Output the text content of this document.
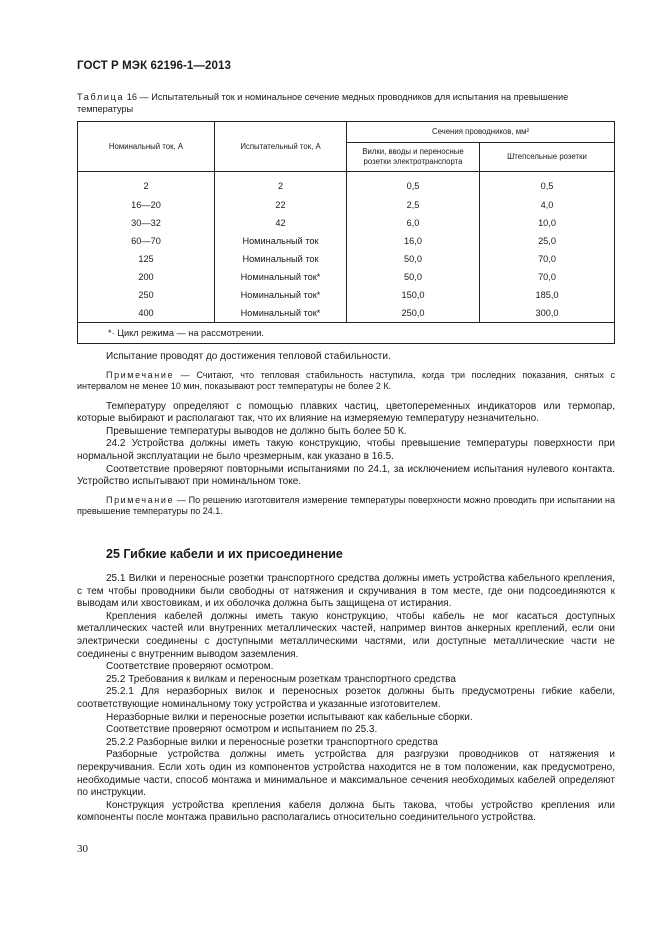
ГОСТ Р МЭК 62196-1—2013
Таблица 16 — Испытательный ток и номинальное сечение медных проводников для испытания на превышение температуры
Номинальный ток, А	Испытательный ток, А	Сечения проводников, мм²	
		Вилки, вводы и переносные розетки электротранспорта	Штепсельные розетки
2	2	0,5	0,5
16—20	22	2,5	4,0
30—32	42	6,0	10,0
60—70	Номинальный ток	16,0	25,0
125	Номинальный ток	50,0	70,0
200	Номинальный ток*	50,0	70,0
250	Номинальный ток*	150,0	185,0
400	Номинальный ток*	250,0	300,0
*· Цикл режима — на рассмотрении.			

Испытание проводят до достижения тепловой стабильности.

Примечание — Считают, что тепловая стабильность наступила, когда три последних показания, снятых с интервалом не менее 10 мин, показывают рост температуры не более 2 К.

Температуру определяют с помощью плавких частиц, цветопеременных индикаторов или термопар, которые выбирают и располагают так, что их влияние на измеряемую температуру незначительно.

Превышение температуры выводов не должно быть более 50 К.

24.2 Устройства должны иметь такую конструкцию, чтобы превышение температуры поверхности при нормальной эксплуатации не было чрезмерным, как указано в 16.5.

Соответствие проверяют повторными испытаниями по 24.1, за исключением испытания нулевого контакта. Устройство испытывают при номинальном токе.

Примечание — По решению изготовителя измерение температуры поверхности можно проводить при испытании на превышение температуры по 24.1.

25 Гибкие кабели и их присоединение

25.1 Вилки и переносные розетки транспортного средства должны иметь устройства кабельного крепления, с тем чтобы проводники были свободны от натяжения и скручивания в том месте, где они подсоединяются к выводам или хвостовикам, и их оболочка должна быть защищена от истирания.

Крепления кабелей должны иметь такую конструкцию, чтобы кабель не мог касаться доступных металлических частей или внутренних металлических частей, например винтов анкерных креплений, если они электрически соединены с доступными металлическими частями, или доступные металлические части не соединены с внутренним выводом заземления.

Соответствие проверяют осмотром.

25.2 Требования к вилкам и переносным розеткам транспортного средства

25.2.1 Для неразборных вилок и переносных розеток должны быть предусмотрены гибкие кабели, соответствующие номинальному току устройства и указанные изготовителем.

Неразборные вилки и переносные розетки испытывают как кабельные сборки.

Соответствие проверяют осмотром и испытанием по 25.3.

25.2.2 Разборные вилки и переносные розетки транспортного средства

Разборные устройства должны иметь устройства для разгрузки проводников от натяжения и перекручивания. Если хоть один из компонентов устройства находится не в том положении, как предусмотрено, необходимые части, способ монтажа и минимальное и максимальное сечения необходимых кабелей определяют по инструкции.

Конструкция устройства крепления кабеля должна быть такова, чтобы устройство крепления или компоненты после монтажа правильно располагались относительно соединительного устройства.

30
